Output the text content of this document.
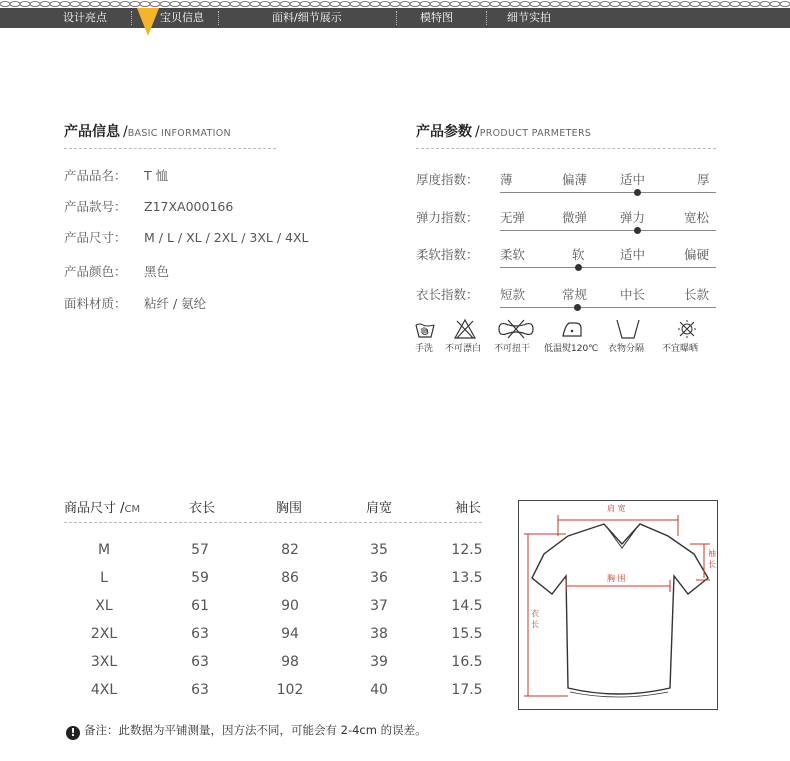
设计亮点	宝贝信息	面料/细节展示	模特图	细节实拍
产品信息 /BASIC INFORMATION
产品品名： T 恤
产品款号： Z17XA000166
产品尺寸： M / L / XL / 2XL / 3XL / 4XL
产品颜色： 黑色
面料材质： 粘纤 / 氨纶
产品参数 /PRODUCT PARMETERS
厚度指数： 薄	偏薄	适中	厚
弹力指数： 无弹	微弹	弹力	宽松
柔软指数： 柔软	软	适中	偏硬
衣长指数： 短款	常规	中长	长款
手洗 不可漂白 不可扭干 低温熨120℃ 衣物分隔 不宜曝晒
商品尺寸 /CM	衣长	胸围	肩宽	袖长
M	57	82	35	12.5
L	59	86	36	13.5
XL	61	90	37	14.5
2XL	63	94	38	15.5
3XL	63	98	39	16.5
4XL	63	102	40	17.5
肩 宽
胸 围
衣
长
袖
长
! 备注：此数据为平铺测量，因方法不同，可能会有 2-4cm 的误差。
